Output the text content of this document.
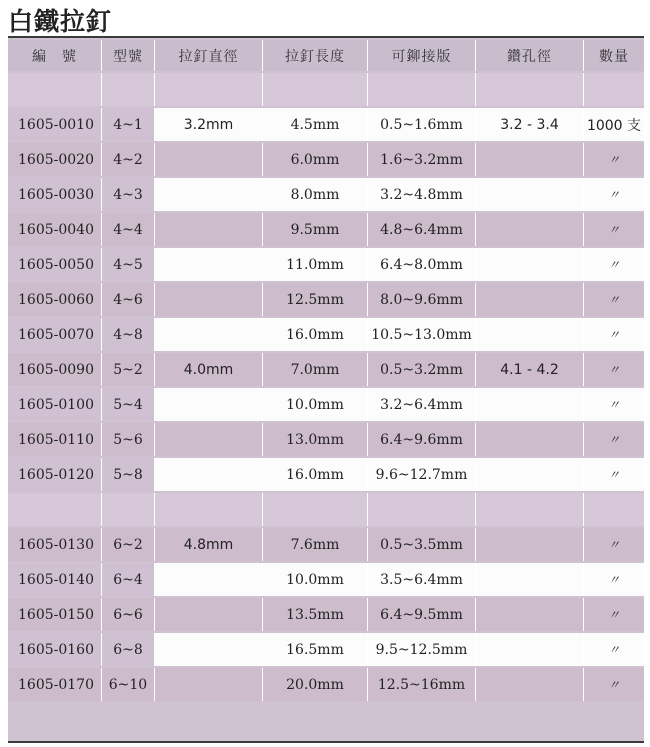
白鐵拉釘
編　號	型號	拉釘直徑	拉釘長度	可鉚接版	鑽孔徑	數量

1605-0010	4~1	3.2mm	4.5mm	0.5~1.6mm	3.2 - 3.4	1000 支
1605-0020	4~2		6.0mm	1.6~3.2mm		〃
1605-0030	4~3		8.0mm	3.2~4.8mm		〃
1605-0040	4~4		9.5mm	4.8~6.4mm		〃
1605-0050	4~5		11.0mm	6.4~8.0mm		〃
1605-0060	4~6		12.5mm	8.0~9.6mm		〃
1605-0070	4~8		16.0mm	10.5~13.0mm		〃
1605-0090	5~2	4.0mm	7.0mm	0.5~3.2mm	4.1 - 4.2	〃
1605-0100	5~4		10.0mm	3.2~6.4mm		〃
1605-0110	5~6		13.0mm	6.4~9.6mm		〃
1605-0120	5~8		16.0mm	9.6~12.7mm		〃

1605-0130	6~2	4.8mm	7.6mm	0.5~3.5mm		〃
1605-0140	6~4		10.0mm	3.5~6.4mm		〃
1605-0150	6~6		13.5mm	6.4~9.5mm		〃
1605-0160	6~8		16.5mm	9.5~12.5mm		〃
1605-0170	6~10		20.0mm	12.5~16mm		〃
